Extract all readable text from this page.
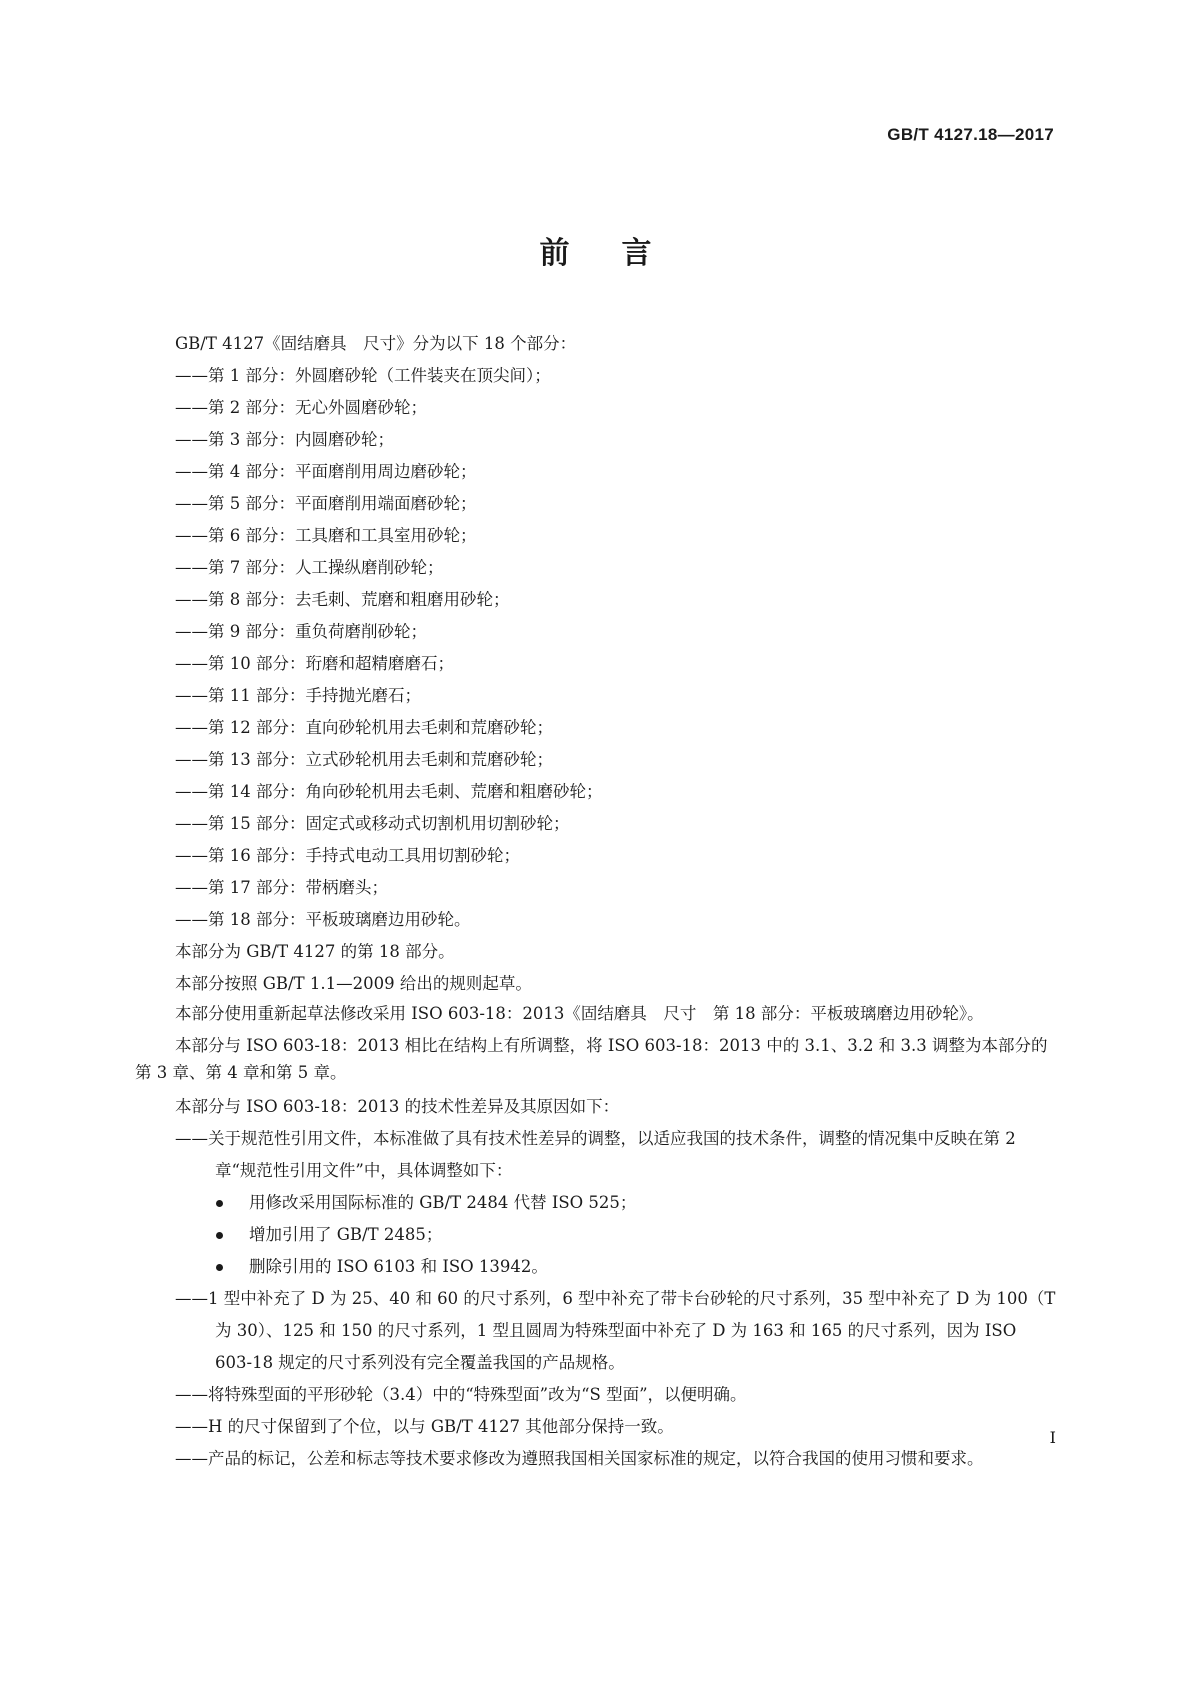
GB/T 4127.18—2017
前言

GB/T 4127《固结磨具　尺寸》分为以下 18 个部分：

——第 1 部分：外圆磨砂轮（工件装夹在顶尖间）；

——第 2 部分：无心外圆磨砂轮；

——第 3 部分：内圆磨砂轮；

——第 4 部分：平面磨削用周边磨砂轮；

——第 5 部分：平面磨削用端面磨砂轮；

——第 6 部分：工具磨和工具室用砂轮；

——第 7 部分：人工操纵磨削砂轮；

——第 8 部分：去毛刺、荒磨和粗磨用砂轮；

——第 9 部分：重负荷磨削砂轮；

——第 10 部分：珩磨和超精磨磨石；

——第 11 部分：手持抛光磨石；

——第 12 部分：直向砂轮机用去毛刺和荒磨砂轮；

——第 13 部分：立式砂轮机用去毛刺和荒磨砂轮；

——第 14 部分：角向砂轮机用去毛刺、荒磨和粗磨砂轮；

——第 15 部分：固定式或移动式切割机用切割砂轮；

——第 16 部分：手持式电动工具用切割砂轮；

——第 17 部分：带柄磨头；

——第 18 部分：平板玻璃磨边用砂轮。

本部分为 GB/T 4127 的第 18 部分。

本部分按照 GB/T 1.1—2009 给出的规则起草。

本部分使用重新起草法修改采用 ISO 603-18：2013《固结磨具　尺寸　第 18 部分：平板玻璃磨边用砂轮》。

本部分与 ISO 603-18：2013 相比在结构上有所调整，将 ISO 603-18：2013 中的 3.1、3.2 和 3.3 调整为本部分的第 3 章、第 4 章和第 5 章。

本部分与 ISO 603-18：2013 的技术性差异及其原因如下：

——关于规范性引用文件，本标准做了具有技术性差异的调整，以适应我国的技术条件，调整的情况集中反映在第 2 章“规范性引用文件”中，具体调整如下：
用修改采用国际标准的 GB/T 2484 代替 ISO 525；
增加引用了 GB/T 2485；
删除引用的 ISO 6103 和 ISO 13942。
——1 型中补充了 D 为 25、40 和 60 的尺寸系列，6 型中补充了带卡台砂轮的尺寸系列，35 型中补充了 D 为 100（T 为 30）、125 和 150 的尺寸系列，1 型且圆周为特殊型面中补充了 D 为 163 和 165 的尺寸系列，因为 ISO 603-18 规定的尺寸系列没有完全覆盖我国的产品规格。
——将特殊型面的平形砂轮（3.4）中的“特殊型面”改为“S 型面”，以便明确。
——H 的尺寸保留到了个位，以与 GB/T 4127 其他部分保持一致。
——产品的标记，公差和标志等技术要求修改为遵照我国相关国家标准的规定，以符合我国的使用习惯和要求。
I
